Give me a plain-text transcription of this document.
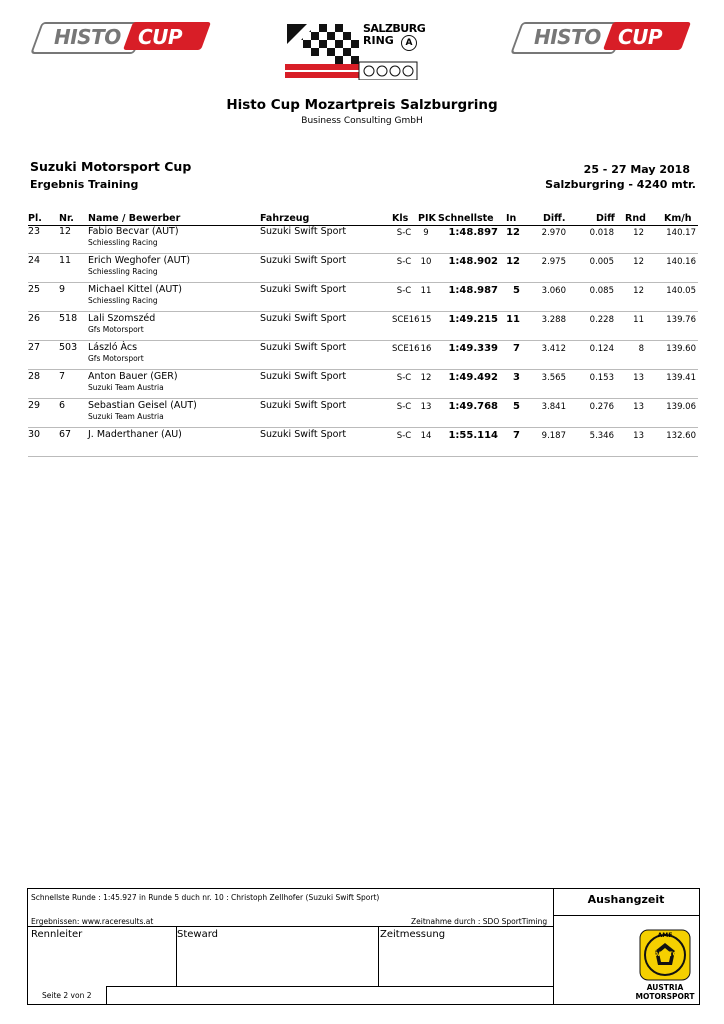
HISTO CUP	HISTO CUP
SALZBURG
RING	A
Histo Cup Mozartpreis Salzburgring
Business Consulting GmbH
Suzuki Motorsport Cup
Ergebnis Training
25 - 27 May 2018
Salzburgring - 4240 mtr.
Pl. Nr. Name / Bewerber	Fahrzeug	Kls PIK Schnellste In	Diff.	Diff Rnd Km/h
23 12 Fabio Becvar (AUT)	Suzuki Swift Sport	S-C	9	1:48.897 12	2.970	0.018	12	140.17
Schiessling Racing
24 11 Erich Weghofer (AUT)	Suzuki Swift Sport	S-C	10	1:48.902 12	2.975	0.005	12	140.16
Schiessling Racing
25 9 Michael Kittel (AUT)	Suzuki Swift Sport	S-C	11	1:48.987	5	3.060	0.085	12	140.05
Schiessling Racing
26 518 Lali Szomszéd	Suzuki Swift Sport	SCE16 15	1:49.215 11	3.288	0.228	11	139.76
Gfs Motorsport
27 503 László Àcs	Suzuki Swift Sport	SCE16 16	1:49.339	7	3.412	0.124	8	139.60
Gfs Motorsport
28 7 Anton Bauer (GER)	Suzuki Swift Sport	S-C	12	1:49.492	3	3.565	0.153	13	139.41
Suzuki Team Austria
29 6 Sebastian Geisel (AUT)	Suzuki Swift Sport	S-C	13	1:49.768	5	3.841	0.276	13	139.06
Suzuki Team Austria
30 67 J. Maderthaner (AU)	Suzuki Swift Sport	S-C	14	1:55.114	7	9.187	5.346	13	132.60
Schnellste Runde : 1:45.927 in Runde 5 duch nr. 10 : Christoph Zellhofer (Suzuki Swift Sport)
Ergebnissen: www.raceresults.at	Zeitnahme durch : SDO SportTiming
Rennleiter	Steward	Zeitmessung
Seite 2 von 2
Aushangzeit
AMF
ÖAMTC
AUSTRIA
MOTORSPORT
